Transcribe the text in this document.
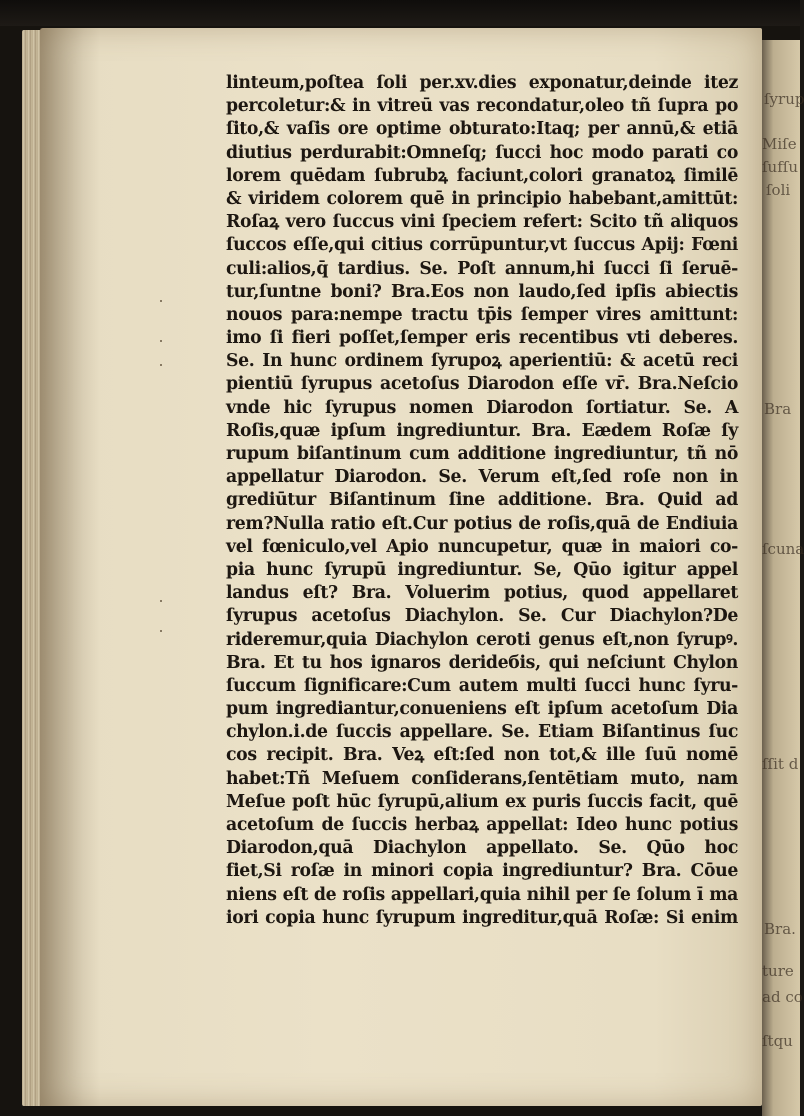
ſyrup
Miſe
ſufſu
ſoli
Bra
ſcuna
ſſit d
Bra.
ture
ad co
ſtqu
linteum,poſtea ſoli per.xv.dies exponatur,deinde itez
percoletur:& in vitreū vas recondatur,oleo tñ ſupra po
ſito,& vaſis ore optime obturato:Itaq; per annū,& etiā
diutius perdurabit:Omneſq; ſucci hoc modo parati co
lorem quēdam ſubrubꝝ faciunt,colori granatoꝝ ſimilē
& viridem colorem quē in principio habebant,amittūt:
Roſaꝝ vero ſuccus vini ſpeciem refert: Scito tñ aliquos
ſuccos eſſe,qui citius corrūpuntur,vt ſuccus Apij: Fœni
culi:alios,q̄ tardius. Se. Poſt annum,hi ſucci ſi ſeruē-
tur,ſuntne boni? Bra.Eos non laudo,ſed ipſis abiectis
nouos para:nempe tractu tp̄is ſemper vires amittunt:
imo ſi fieri poſſet,ſemper eris recentibus vti deberes.
Se. In hunc ordinem ſyrupoꝝ aperientiū: & acetū reci
pientiū ſyrupus acetoſus Diarodon eſſe vr̄. Bra.Neſcio
vnde hic ſyrupus nomen Diarodon ſortiatur. Se. A
Roſis,quæ ipſum ingrediuntur. Bra. Eædem Roſæ ſy
rupum biſantinum cum additione ingrediuntur, tñ nō
appellatur Diarodon. Se. Verum eſt,ſed roſe non in
grediūtur Biſantinum ſine additione. Bra. Quid ad
rem?Nulla ratio eſt.Cur potius de roſis,quā de Endiuia
vel fœniculo,vel Apio nuncupetur, quæ in maiori co-
pia hunc ſyrupū ingrediuntur. Se, Qūo igitur appel
landus eſt? Bra. Voluerim potius, quod appellaret
ſyrupus acetoſus Diachylon. Se. Cur Diachylon?De
rideremur,quia Diachylon ceroti genus eſt,non ſyrupꝰ.
Bra. Et tu hos ignaros derideбis, qui neſciunt Chylon
ſuccum ſignificare:Cum autem multi ſucci hunc ſyru-
pum ingrediantur,conueniens eſt ipſum acetoſum Dia
chylon.i.de ſuccis appellare. Se. Etiam Biſantinus ſuc
cos recipit. Bra. Veꝝ eſt:ſed non tot,& ille ſuū nomē
habet:Tñ Meſuem conſiderans,ſentētiam muto, nam
Meſue poſt hūc ſyrupū,alium ex puris ſuccis facit, quē
acetoſum de ſuccis herbaꝝ appellat: Ideo hunc potius
Diarodon,quā Diachylon appellato. Se. Qūo hoc
fiet,Si roſæ in minori copia ingrediuntur? Bra. Cōue
niens eſt de roſis appellari,quia nihil per ſe ſolum ī ma
iori copia hunc ſyrupum ingreditur,quā Roſæ: Si enim
